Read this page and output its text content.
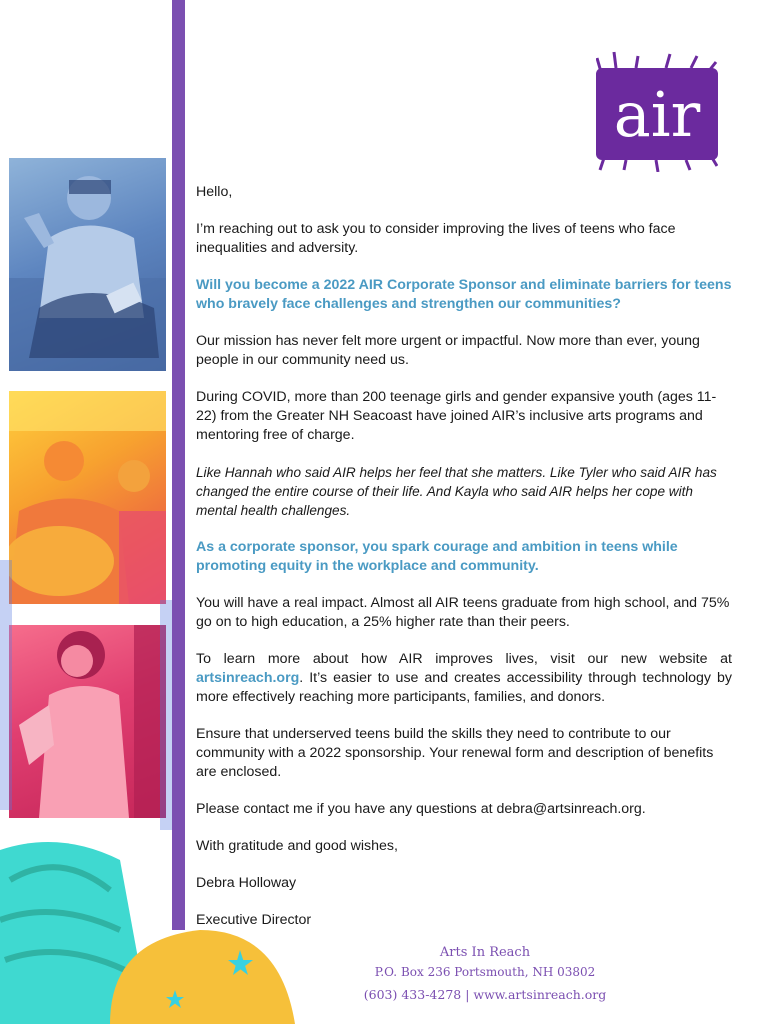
air

Hello,

I’m reaching out to ask you to consider improving the lives of teens who face inequalities and adversity.

Will you become a 2022 AIR Corporate Sponsor and eliminate barriers for teens who bravely face challenges and strengthen our communities?

Our mission has never felt more urgent or impactful. Now more than ever, young people in our community need us.

During COVID, more than 200 teenage girls and gender expansive youth (ages 11-22) from the Greater NH Seacoast have joined AIR’s inclusive arts programs and mentoring free of charge.

Like Hannah who said AIR helps her feel that she matters. Like Tyler who said AIR has changed the entire course of their life. And Kayla who said AIR helps her cope with mental health challenges.

As a corporate sponsor, you spark courage and ambition in teens while promoting equity in the workplace and community.

You will have a real impact. Almost all AIR teens graduate from high school, and 75% go on to high education, a 25% higher rate than their peers.

To learn more about how AIR improves lives, visit our new website at artsinreach.org. It’s easier to use and creates accessibility through technology by more effectively reaching more participants, families, and donors.

Ensure that underserved teens build the skills they need to contribute to our community with a 2022 sponsorship. Your renewal form and description of benefits are enclosed.

Please contact me if you have any questions at debra@artsinreach.org.

With gratitude and good wishes,

Debra Holloway

Executive Director

Arts In Reach
P.O. Box 236 Portsmouth, NH 03802
(603) 433-4278 | www.artsinreach.org
